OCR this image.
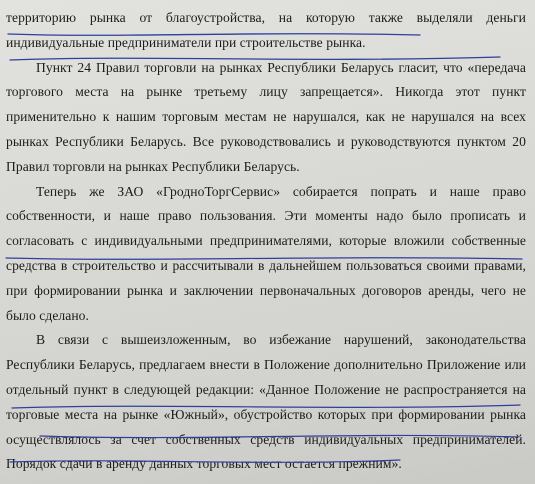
территорию рынка от благоустройства, на которую также выделяли деньги индивидуальные предприниматели при строительстве рынка.

Пункт 24 Правил торговли на рынках Республики Беларусь гласит, что «передача торгового места на рынке третьему лицу запрещается». Никогда этот пункт применительно к нашим торговым местам не нарушался, как не нарушался на всех рынках Республики Беларусь. Все руководствовались и руководствуются пунктом 20 Правил торговли на рынках Республики Беларусь.

Теперь же ЗАО «ГродноТоргСервис» собирается попрать и наше право собственности, и наше право пользования. Эти моменты надо было прописать и согласовать с индивидуальными предпринимателями, которые вложили собственные средства в строительство и рассчитывали в дальнейшем пользоваться своими правами, при формировании рынка и заключении первоначальных договоров аренды, чего не было сделано.

В связи с вышеизложенным, во избежание нарушений, законодательства Республики Беларусь, предлагаем внести в Положение дополнительно Приложение или отдельный пункт в следующей редакции: «Данное Положение не распространяется на торговые места на рынке «Южный», обустройство которых при формировании рынка осуществлялось за счет собственных средств индивидуальных предпринимателей. Порядок сдачи в аренду данных торговых мест остается прежним».
